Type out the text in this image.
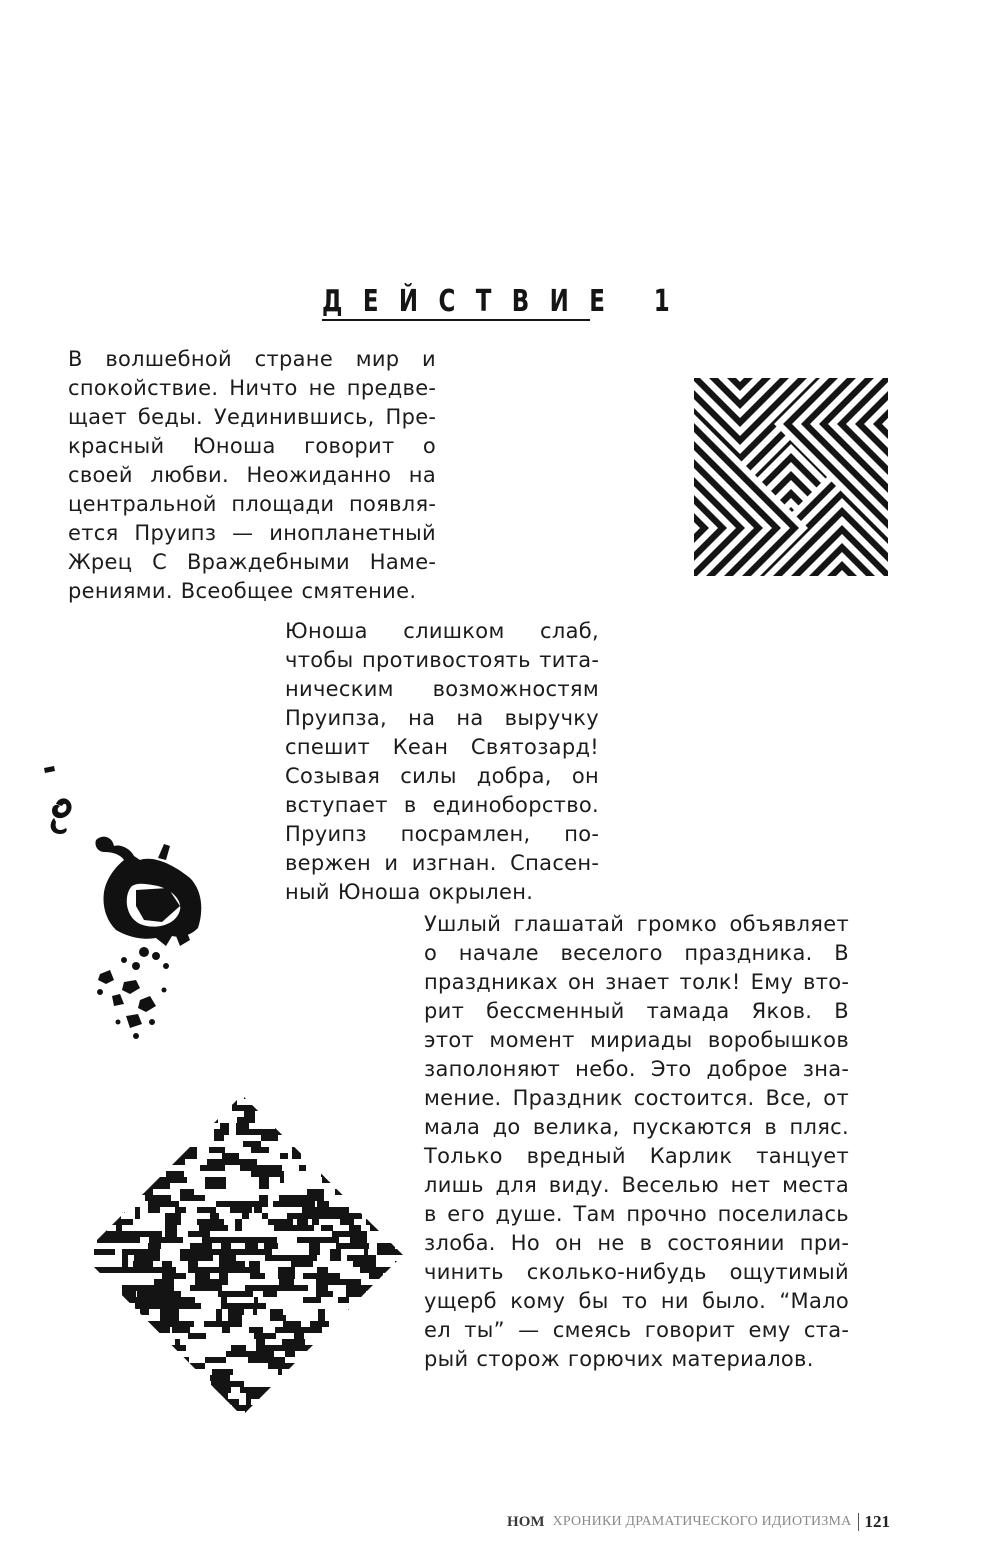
ДЕЙСТВИЕ 1
В волшебной стране мир и спокойствие. Ничто не предвещает беды. Уединившись, Прекрасный Юноша говорит о своей любви. Неожиданно на центральной площади появляется Пруипз — инопланетный Жрец С Враждебными Намерениями. Всеобщее смятение.
Юноша слишком слаб, чтобы противостоять титаническим возможностям Пруипза, на на выручку спешит Кеан Святозард! Созывая силы добра, он вступает в единоборство. Пруипз посрамлен, повержен и изгнан. Спасенный Юноша окрылен.
Ушлый глашатай громко объявляет о начале веселого праздника. В праздниках он знает толк! Ему вторит бессменный тамада Яков. В этот момент мириады воробышков заполоняют небо. Это доброе знамение. Праздник состоится. Все, от мала до велика, пускаются в пляс. Только вредный Карлик танцует лишь для виду. Веселью нет места в его душе. Там прочно поселилась злоба. Но он не в состоянии причинить сколько-нибудь ощутимый ущерб кому бы то ни было. “Мало ел ты” — смеясь говорит ему старый сторож горючих материалов.
НОМ ХРОНИКИ ДРАМАТИЧЕСКОГО ИДИОТИЗМА 121
